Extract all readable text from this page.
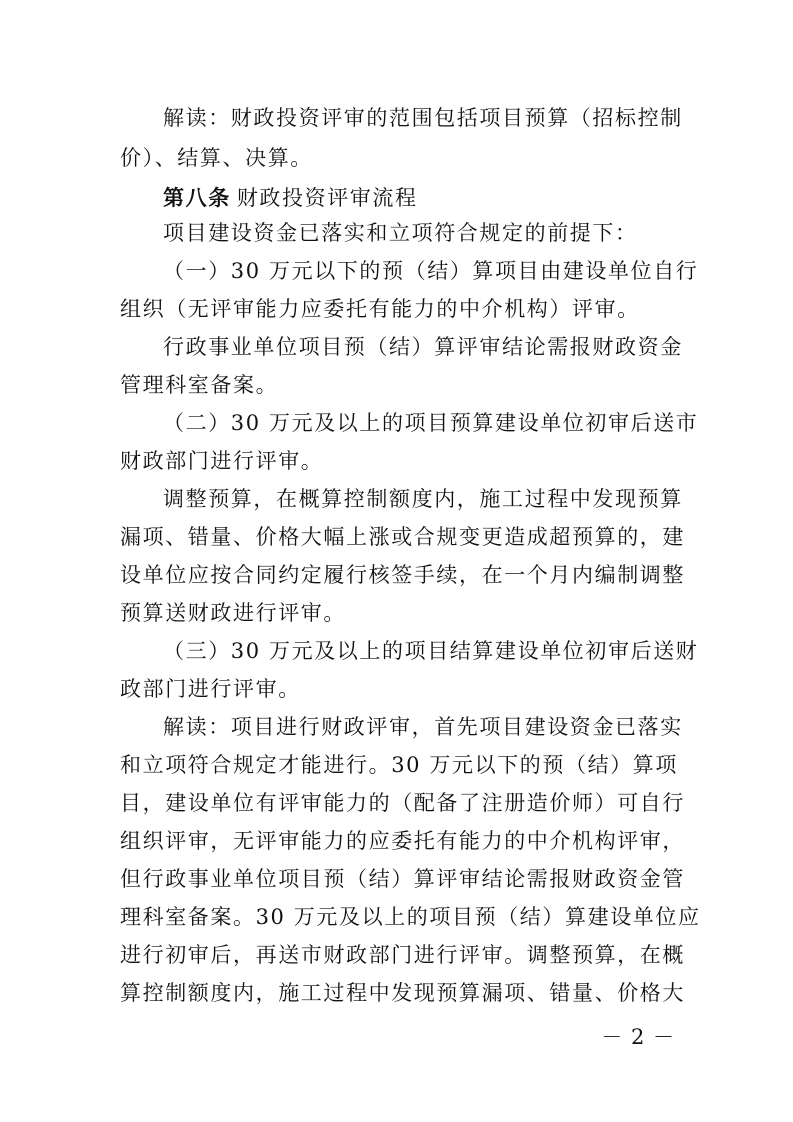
解读：财政投资评审的范围包括项目预算（招标控制
价）、结算、决算。
第八条 财政投资评审流程
项目建设资金已落实和立项符合规定的前提下：
（一）30 万元以下的预（结）算项目由建设单位自行
组织（无评审能力应委托有能力的中介机构）评审。
行政事业单位项目预（结）算评审结论需报财政资金
管理科室备案。
（二）30 万元及以上的项目预算建设单位初审后送市
财政部门进行评审。
调整预算，在概算控制额度内，施工过程中发现预算
漏项、错量、价格大幅上涨或合规变更造成超预算的，建
设单位应按合同约定履行核签手续，在一个月内编制调整
预算送财政进行评审。
（三）30 万元及以上的项目结算建设单位初审后送财
政部门进行评审。
解读：项目进行财政评审，首先项目建设资金已落实
和立项符合规定才能进行。30 万元以下的预（结）算项
目，建设单位有评审能力的（配备了注册造价师）可自行
组织评审，无评审能力的应委托有能力的中介机构评审，
但行政事业单位项目预（结）算评审结论需报财政资金管
理科室备案。30 万元及以上的项目预（结）算建设单位应
进行初审后，再送市财政部门进行评审。调整预算，在概
算控制额度内，施工过程中发现预算漏项、错量、价格大
－ 2 －
